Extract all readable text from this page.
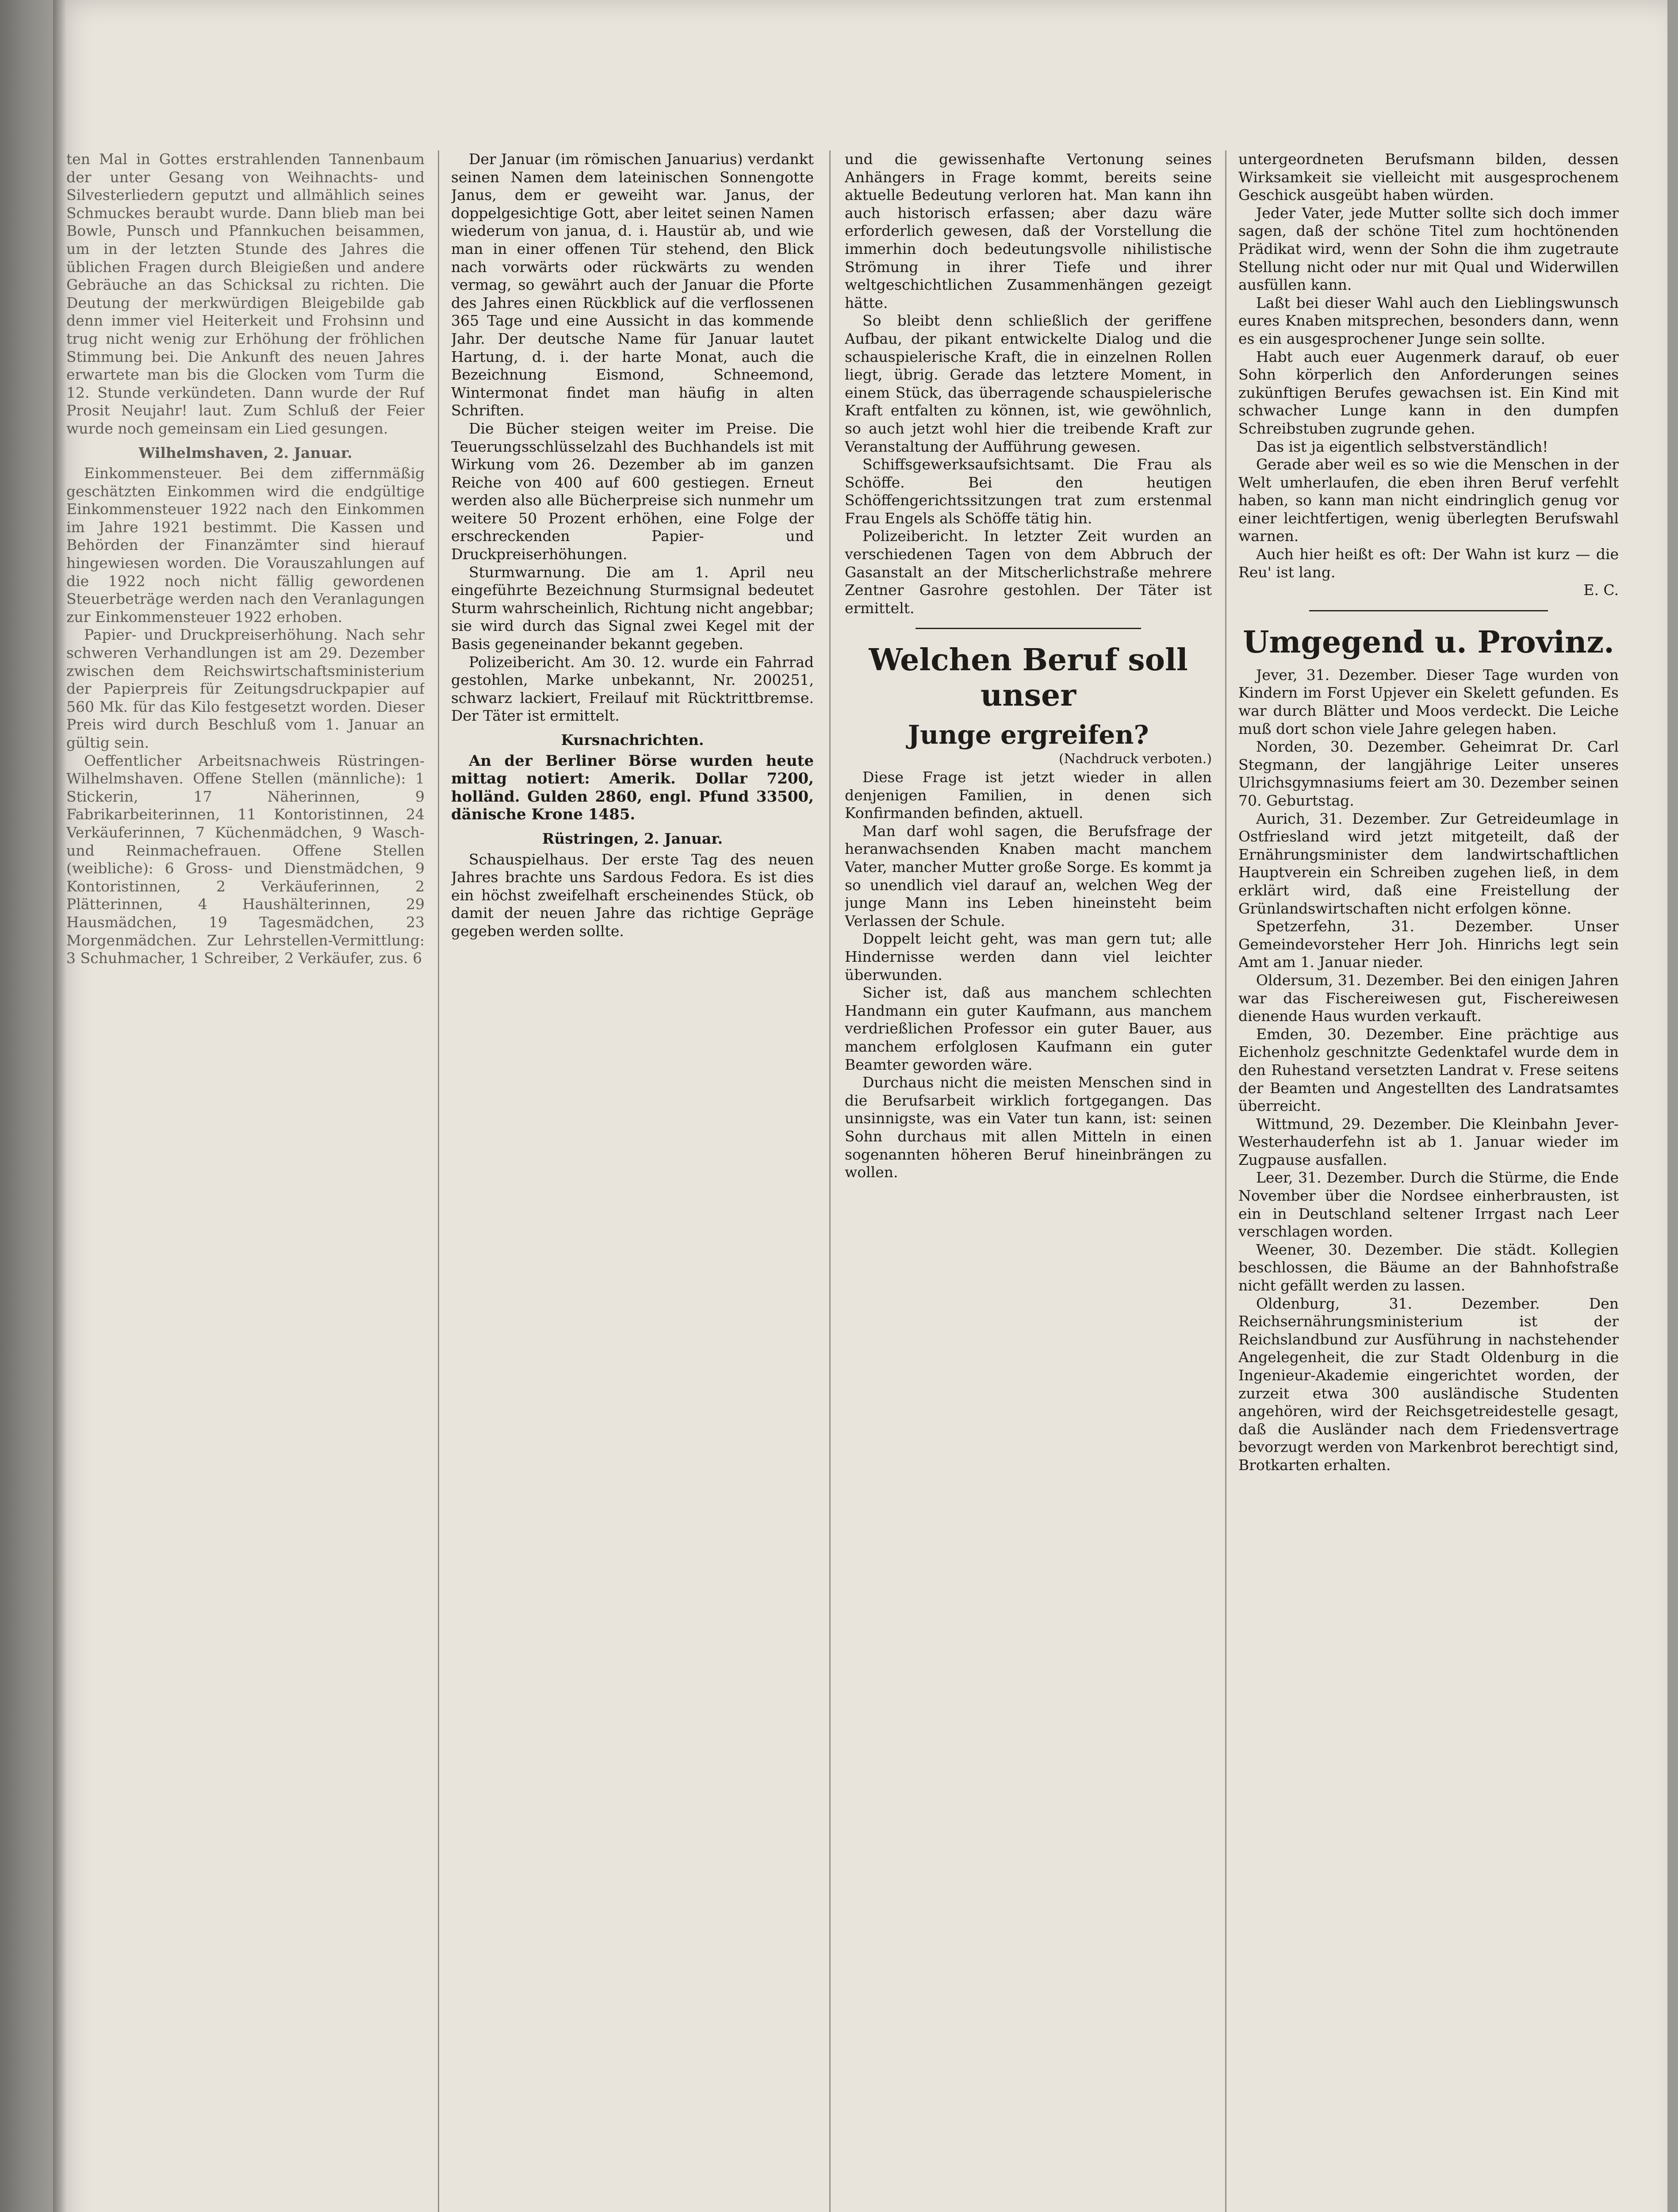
ten Mal in Gottes erstrahlenden Tannenbaum der unter Gesang von Weihnachts- und Silvesterliedern geputzt und allmählich seines Schmuckes beraubt wurde. Dann blieb man bei Bowle, Punsch und Pfannkuchen beisammen, um in der letzten Stunde des Jahres die üblichen Fragen durch Bleigießen und andere Gebräuche an das Schicksal zu richten. Die Deutung der merkwürdigen Bleigebilde gab denn immer viel Heiterkeit und Frohsinn und trug nicht wenig zur Erhöhung der fröhlichen Stimmung bei. Die Ankunft des neuen Jahres erwartete man bis die Glocken vom Turm die 12. Stunde verkündeten. Dann wurde der Ruf Prosit Neujahr! laut. Zum Schluß der Feier wurde noch gemeinsam ein Lied gesungen.

Wilhelmshaven, 2. Januar.

Einkommensteuer. Bei dem ziffernmäßig geschätzten Einkommen wird die endgültige Einkommensteuer 1922 nach den Einkommen im Jahre 1921 bestimmt. Die Kassen und Behörden der Finanzämter sind hierauf hingewiesen worden. Die Vorauszahlungen auf die 1922 noch nicht fällig gewordenen Steuerbeträge werden nach den Veranlagungen zur Einkommensteuer 1922 erhoben.

Papier- und Druckpreiserhöhung. Nach sehr schweren Verhandlungen ist am 29. Dezember zwischen dem Reichswirtschaftsministerium der Papierpreis für Zeitungsdruckpapier auf 560 Mk. für das Kilo festgesetzt worden. Dieser Preis wird durch Beschluß vom 1. Januar an gültig sein.

Oeffentlicher Arbeitsnachweis Rüstringen-Wilhelmshaven. Offene Stellen (männliche): 1 Stickerin, 17 Näherinnen, 9 Fabrikarbeiterinnen, 11 Kontoristinnen, 24 Verkäuferinnen, 7 Küchenmädchen, 9 Wasch- und Reinmachefrauen. Offene Stellen (weibliche): 6 Gross- und Dienstmädchen, 9 Kontoristinnen, 2 Verkäuferinnen, 2 Plätterinnen, 4 Haushälterinnen, 29 Hausmädchen, 19 Tagesmädchen, 23 Morgenmädchen. Zur Lehrstellen-Vermittlung: 3 Schuhmacher, 1 Schreiber, 2 Verkäufer, zus. 6

Der Januar (im römischen Januarius) verdankt seinen Namen dem lateinischen Sonnengotte Janus, dem er geweiht war. Janus, der doppelgesichtige Gott, aber leitet seinen Namen wiederum von janua, d. i. Haustür ab, und wie man in einer offenen Tür stehend, den Blick nach vorwärts oder rückwärts zu wenden vermag, so gewährt auch der Januar die Pforte des Jahres einen Rückblick auf die verflossenen 365 Tage und eine Aussicht in das kommende Jahr. Der deutsche Name für Januar lautet Hartung, d. i. der harte Monat, auch die Bezeichnung Eismond, Schneemond, Wintermonat findet man häufig in alten Schriften.

Die Bücher steigen weiter im Preise. Die Teuerungsschlüsselzahl des Buchhandels ist mit Wirkung vom 26. Dezember ab im ganzen Reiche von 400 auf 600 gestiegen. Erneut werden also alle Bücherpreise sich nunmehr um weitere 50 Prozent erhöhen, eine Folge der erschreckenden Papier- und Druckpreiserhöhungen.

Sturmwarnung. Die am 1. April neu eingeführte Bezeichnung Sturmsignal bedeutet Sturm wahrscheinlich, Richtung nicht angebbar; sie wird durch das Signal zwei Kegel mit der Basis gegeneinander bekannt gegeben.

Polizeibericht. Am 30. 12. wurde ein Fahrrad gestohlen, Marke unbekannt, Nr. 200251, schwarz lackiert, Freilauf mit Rücktrittbremse. Der Täter ist ermittelt.

Kursnachrichten.

An der Berliner Börse wurden heute mittag notiert: Amerik. Dollar 7200, holländ. Gulden 2860, engl. Pfund 33500, dänische Krone 1485.

Rüstringen, 2. Januar.

Schauspielhaus. Der erste Tag des neuen Jahres brachte uns Sardous Fedora. Es ist dies ein höchst zweifelhaft erscheinendes Stück, ob damit der neuen Jahre das richtige Gepräge gegeben werden sollte.

und die gewissenhafte Vertonung seines Anhängers in Frage kommt, bereits seine aktuelle Bedeutung verloren hat. Man kann ihn auch historisch erfassen; aber dazu wäre erforderlich gewesen, daß der Vorstellung die immerhin doch bedeutungsvolle nihilistische Strömung in ihrer Tiefe und ihrer weltgeschichtlichen Zusammenhängen gezeigt hätte.

So bleibt denn schließlich der geriffene Aufbau, der pikant entwickelte Dialog und die schauspielerische Kraft, die in einzelnen Rollen liegt, übrig. Gerade das letztere Moment, in einem Stück, das überragende schauspielerische Kraft entfalten zu können, ist, wie gewöhnlich, so auch jetzt wohl hier die treibende Kraft zur Veranstaltung der Aufführung gewesen.

Schiffsgewerksaufsichtsamt. Die Frau als Schöffe. Bei den heutigen Schöffengerichtssitzungen trat zum erstenmal Frau Engels als Schöffe tätig hin.

Polizeibericht. In letzter Zeit wurden an verschiedenen Tagen von dem Abbruch der Gasanstalt an der Mitscherlichstraße mehrere Zentner Gasrohre gestohlen. Der Täter ist ermittelt.

Welchen Beruf soll unser
Junge ergreifen?

(Nachdruck verboten.)

Diese Frage ist jetzt wieder in allen denjenigen Familien, in denen sich Konfirmanden befinden, aktuell.

Man darf wohl sagen, die Berufsfrage der heranwachsenden Knaben macht manchem Vater, mancher Mutter große Sorge. Es kommt ja so unendlich viel darauf an, welchen Weg der junge Mann ins Leben hineinsteht beim Verlassen der Schule.

Doppelt leicht geht, was man gern tut; alle Hindernisse werden dann viel leichter überwunden.

Sicher ist, daß aus manchem schlechten Handmann ein guter Kaufmann, aus manchem verdrießlichen Professor ein guter Bauer, aus manchem erfolglosen Kaufmann ein guter Beamter geworden wäre.

Durchaus nicht die meisten Menschen sind in die Berufsarbeit wirklich fortgegangen. Das unsinnigste, was ein Vater tun kann, ist: seinen Sohn durchaus mit allen Mitteln in einen sogenannten höheren Beruf hineinbrängen zu wollen.

untergeordneten Berufsmann bilden, dessen Wirksamkeit sie vielleicht mit ausgesprochenem Geschick ausgeübt haben würden.

Jeder Vater, jede Mutter sollte sich doch immer sagen, daß der schöne Titel zum hochtönenden Prädikat wird, wenn der Sohn die ihm zugetraute Stellung nicht oder nur mit Qual und Widerwillen ausfüllen kann.

Laßt bei dieser Wahl auch den Lieblingswunsch eures Knaben mitsprechen, besonders dann, wenn es ein ausgesprochener Junge sein sollte.

Habt auch euer Augenmerk darauf, ob euer Sohn körperlich den Anforderungen seines zukünftigen Berufes gewachsen ist. Ein Kind mit schwacher Lunge kann in den dumpfen Schreibstuben zugrunde gehen.

Das ist ja eigentlich selbstverständlich!

Gerade aber weil es so wie die Menschen in der Welt umherlaufen, die eben ihren Beruf verfehlt haben, so kann man nicht eindringlich genug vor einer leichtfertigen, wenig überlegten Berufswahl warnen.

Auch hier heißt es oft: Der Wahn ist kurz — die Reu' ist lang.

E. C.

Umgegend u. Provinz.

Jever, 31. Dezember. Dieser Tage wurden von Kindern im Forst Upjever ein Skelett gefunden. Es war durch Blätter und Moos verdeckt. Die Leiche muß dort schon viele Jahre gelegen haben.

Norden, 30. Dezember. Geheimrat Dr. Carl Stegmann, der langjährige Leiter unseres Ulrichsgymnasiums feiert am 30. Dezember seinen 70. Geburtstag.

Aurich, 31. Dezember. Zur Getreideumlage in Ostfriesland wird jetzt mitgeteilt, daß der Ernährungsminister dem landwirtschaftlichen Hauptverein ein Schreiben zugehen ließ, in dem erklärt wird, daß eine Freistellung der Grünlandswirtschaften nicht erfolgen könne.

Spetzerfehn, 31. Dezember. Unser Gemeindevorsteher Herr Joh. Hinrichs legt sein Amt am 1. Januar nieder.

Oldersum, 31. Dezember. Bei den einigen Jahren war das Fischereiwesen gut, Fischereiwesen dienende Haus wurden verkauft.

Emden, 30. Dezember. Eine prächtige aus Eichenholz geschnitzte Gedenktafel wurde dem in den Ruhestand versetzten Landrat v. Frese seitens der Beamten und Angestellten des Landratsamtes überreicht.

Wittmund, 29. Dezember. Die Kleinbahn Jever-Westerhauderfehn ist ab 1. Januar wieder im Zugpause ausfallen.

Leer, 31. Dezember. Durch die Stürme, die Ende November über die Nordsee einherbrausten, ist ein in Deutschland seltener Irrgast nach Leer verschlagen worden.

Weener, 30. Dezember. Die städt. Kollegien beschlossen, die Bäume an der Bahnhofstraße nicht gefällt werden zu lassen.

Oldenburg, 31. Dezember. Den Reichsernährungsministerium ist der Reichslandbund zur Ausführung in nachstehender Angelegenheit, die zur Stadt Oldenburg in die Ingenieur-Akademie eingerichtet worden, der zurzeit etwa 300 ausländische Studenten angehören, wird der Reichsgetreidestelle gesagt, daß die Ausländer nach dem Friedensvertrage bevorzugt werden von Markenbrot berechtigt sind, Brotkarten erhalten.
